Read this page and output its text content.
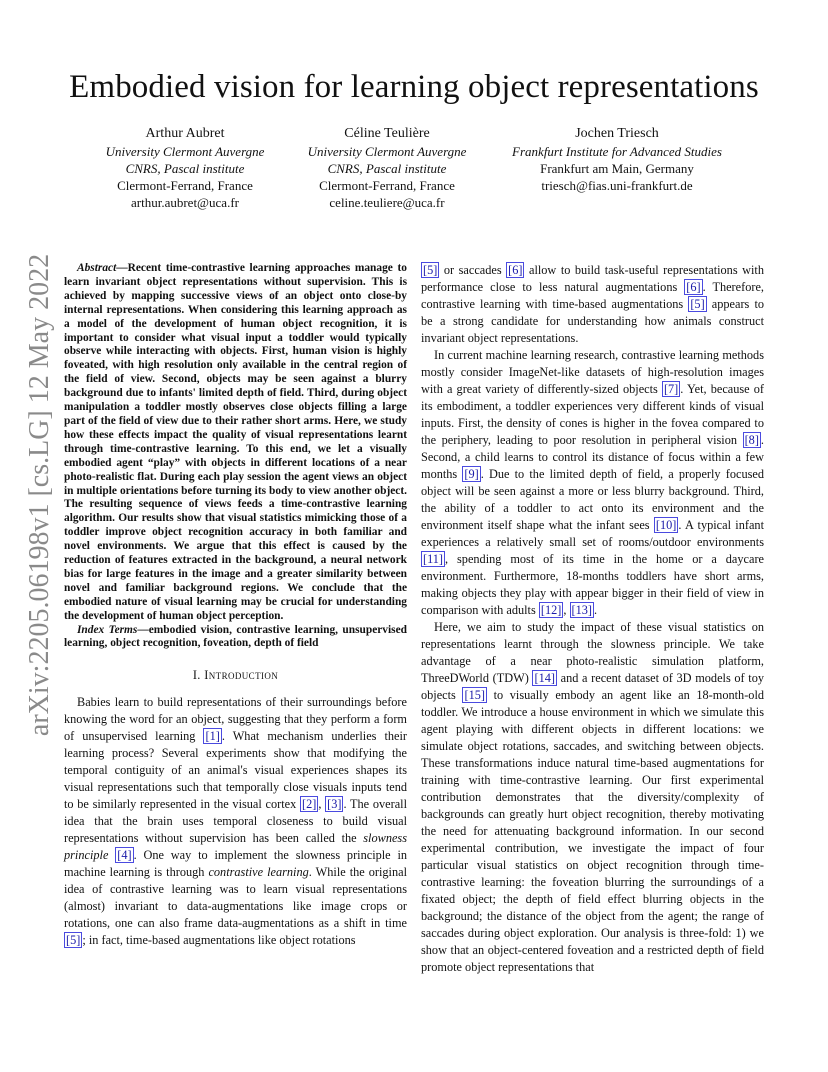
arXiv:2205.06198v1 [cs.LG] 12 May 2022
Embodied vision for learning object representations
Arthur Aubret
University Clermont Auvergne
CNRS, Pascal institute
Clermont-Ferrand, France
arthur.aubret@uca.fr
Céline Teulière
University Clermont Auvergne
CNRS, Pascal institute
Clermont-Ferrand, France
celine.teuliere@uca.fr
Jochen Triesch
Frankfurt Institute for Advanced Studies
Frankfurt am Main, Germany
triesch@fias.uni-frankfurt.de

Abstract—Recent time-contrastive learning approaches manage to learn invariant object representations without supervision. This is achieved by mapping successive views of an object onto close-by internal representations. When considering this learning approach as a model of the development of human object recognition, it is important to consider what visual input a toddler would typically observe while interacting with objects. First, human vision is highly foveated, with high resolution only available in the central region of the field of view. Second, objects may be seen against a blurry background due to infants' limited depth of field. Third, during object manipulation a toddler mostly observes close objects filling a large part of the field of view due to their rather short arms. Here, we study how these effects impact the quality of visual representations learnt through time-contrastive learning. To this end, we let a visually embodied agent “play” with objects in different locations of a near photo-realistic flat. During each play session the agent views an object in multiple orientations before turning its body to view another object. The resulting sequence of views feeds a time-contrastive learning algorithm. Our results show that visual statistics mimicking those of a toddler improve object recognition accuracy in both familiar and novel environments. We argue that this effect is caused by the reduction of features extracted in the background, a neural network bias for large features in the image and a greater similarity between novel and familiar background regions. We conclude that the embodied nature of visual learning may be crucial for understanding the development of human object perception.

Index Terms—embodied vision, contrastive learning, unsupervised learning, object recognition, foveation, depth of field

I. Introduction

Babies learn to build representations of their surroundings before knowing the word for an object, suggesting that they perform a form of unsupervised learning [1] . What mechanism underlies their learning process? Several experiments show that modifying the temporal contiguity of an animal's visual experiences shapes its visual representations such that temporally close visuals inputs tend to be similarly represented in the visual cortex [2] , [3] . The overall idea that the brain uses temporal closeness to build visual representations without supervision has been called the slowness principle [4] . One way to implement the slowness principle in machine learning is through contrastive learning. While the original idea of contrastive learning was to learn visual representations (almost) invariant to data-augmentations like image crops or rotations, one can also frame data-augmentations as a shift in time [5] ; in fact, time-based augmentations like object rotations

[5] or saccades [6] allow to build task-useful representations with performance close to less natural augmentations [6] . Therefore, contrastive learning with time-based augmentations [5] appears to be a strong candidate for understanding how animals construct invariant object representations.

In current machine learning research, contrastive learning methods mostly consider ImageNet-like datasets of high-resolution images with a great variety of differently-sized objects [7] . Yet, because of its embodiment, a toddler experiences very different kinds of visual inputs. First, the density of cones is higher in the fovea compared to the periphery, leading to poor resolution in peripheral vision [8] . Second, a child learns to control its distance of focus within a few months [9] . Due to the limited depth of field, a properly focused object will be seen against a more or less blurry background. Third, the ability of a toddler to act onto its environment and the environment itself shape what the infant sees [10] . A typical infant experiences a relatively small set of rooms/outdoor environments [11] , spending most of its time in the home or a daycare environment. Furthermore, 18-months toddlers have short arms, making objects they play with appear bigger in their field of view in comparison with adults [12] , [13] .

Here, we aim to study the impact of these visual statistics on representations learnt through the slowness principle. We take advantage of a near photo-realistic simulation platform, ThreeDWorld (TDW) [14] and a recent dataset of 3D models of toy objects [15] to visually embody an agent like an 18-month-old toddler. We introduce a house environment in which we simulate this agent playing with different objects in different locations: we simulate object rotations, saccades, and switching between objects. These transformations induce natural time-based augmentations for training with time-contrastive learning. Our first experimental contribution demonstrates that the diversity/complexity of backgrounds can greatly hurt object recognition, thereby motivating the need for attenuating background information. In our second experimental contribution, we investigate the impact of four particular visual statistics on object recognition through time-contrastive learning: the foveation blurring the surroundings of a fixated object; the depth of field effect blurring objects in the background; the distance of the object from the agent; the range of saccades during object exploration. Our analysis is three-fold: 1) we show that an object-centered foveation and a restricted depth of field promote object representations that
